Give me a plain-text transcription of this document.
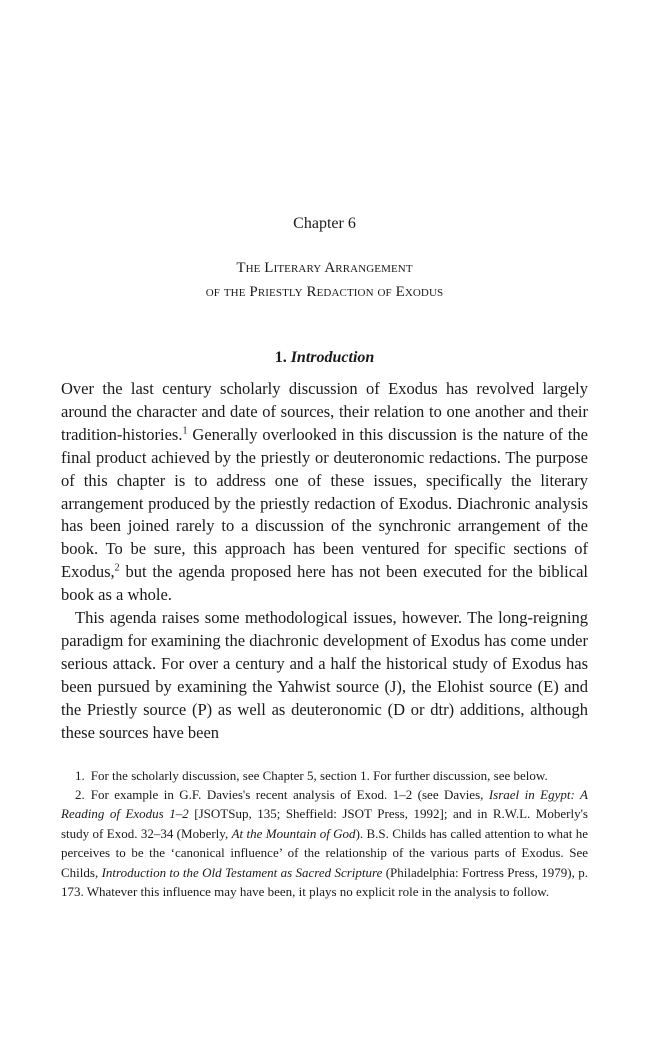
Chapter 6

The Literary Arrangement
of the Priestly Redaction of Exodus
1. Introduction

Over the last century scholarly discussion of Exodus has revolved largely around the character and date of sources, their relation to one another and their tradition-histories.$^1$ Generally overlooked in this discussion is the nature of the final product achieved by the priestly or deuteronomic redactions. The purpose of this chapter is to address one of these issues, specifically the literary arrangement produced by the priestly redaction of Exodus. Diachronic analysis has been joined rarely to a discussion of the synchronic arrangement of the book. To be sure, this approach has been ventured for specific sections of Exodus,$^2$ but the agenda proposed here has not been executed for the biblical book as a whole.

This agenda raises some methodological issues, however. The long-reigning paradigm for examining the diachronic development of Exodus has come under serious attack. For over a century and a half the historical study of Exodus has been pursued by examining the Yahwist source (J), the Elohist source (E) and the Priestly source (P) as well as deuteronomic (D or dtr) additions, although these sources have been

1. For the scholarly discussion, see Chapter 5, section 1. For further discussion, see below.

2. For example in G.F. Davies's recent analysis of Exod. 1–2 (see Davies, Israel in Egypt: A Reading of Exodus 1–2 [JSOTSup, 135; Sheffield: JSOT Press, 1992]; and in R.W.L. Moberly's study of Exod. 32–34 (Moberly, At the Mountain of God). B.S. Childs has called attention to what he perceives to be the ‘canonical influence’ of the relationship of the various parts of Exodus. See Childs, Introduction to the Old Testament as Sacred Scripture (Philadelphia: Fortress Press, 1979), p. 173. Whatever this influence may have been, it plays no explicit role in the analysis to follow.
